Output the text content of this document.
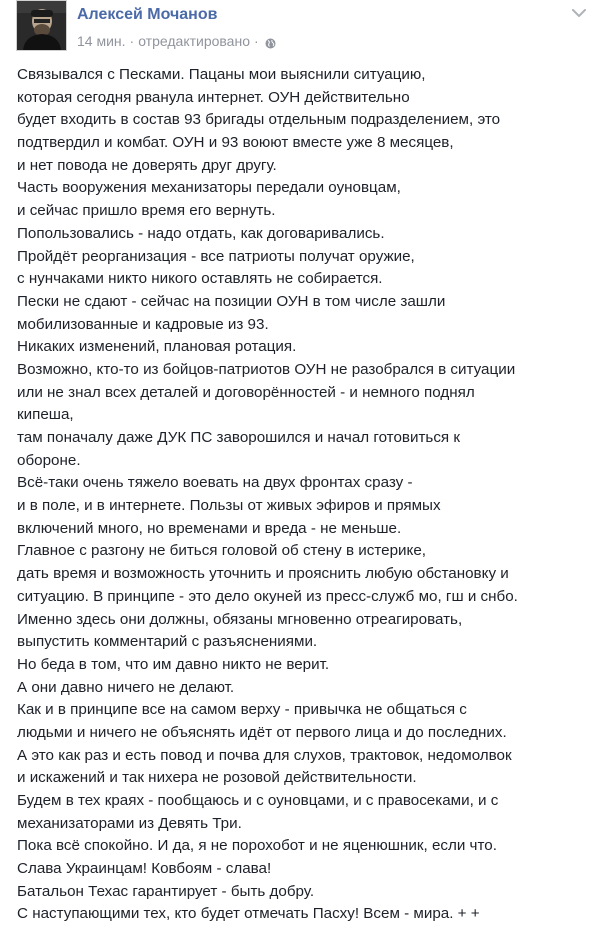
Алексей Мочанов
14 мин. · отредактировано ·
Связывался с Песками. Пацаны мои выяснили ситуацию,
которая сегодня рванула интернет. ОУН действительно
будет входить в состав 93 бригады отдельным подразделением, это
подтвердил и комбат. ОУН и 93 воюют вместе уже 8 месяцев,
и нет повода не доверять друг другу.
Часть вооружения механизаторы передали оуновцам,
и сейчас пришло время его вернуть.
Попользовались - надо отдать, как договаривались.
Пройдёт реорганизация - все патриоты получат оружие,
с нунчаками никто никого оставлять не собирается.
Пески не сдают - сейчас на позиции ОУН в том числе зашли
мобилизованные и кадровые из 93.
Никаких изменений, плановая ротация.
Возможно, кто-то из бойцов-патриотов ОУН не разобрался в ситуации
или не знал всех деталей и договорённостей - и немного поднял
кипеша,
там поначалу даже ДУК ПС заворошился и начал готовиться к
обороне.
Всё-таки очень тяжело воевать на двух фронтах сразу -
и в поле, и в интернете. Пользы от живых эфиров и прямых
включений много, но временами и вреда - не меньше.
Главное с разгону не биться головой об стену в истерике,
дать время и возможность уточнить и прояснить любую обстановку и
ситуацию. В принципе - это дело окуней из пресс-служб мо, гш и снбо.
Именно здесь они должны, обязаны мгновенно отреагировать,
выпустить комментарий с разъяснениями.
Но беда в том, что им давно никто не верит.
А они давно ничего не делают.
Как и в принципе все на самом верху - привычка не общаться с
людьми и ничего не объяснять идёт от первого лица и до последних.
А это как раз и есть повод и почва для слухов, трактовок, недомолвок
и искажений и так нихера не розовой действительности.
Будем в тех краях - пообщаюсь и с оуновцами, и с правосеками, и с
механизаторами из Девять Три.
Пока всё спокойно. И да, я не порохобот и не яценюшник, если что.
Слава Украинцам! Ковбоям - слава!
Батальон Техас гарантирует - быть добру.
С наступающими тех, кто будет отмечать Пасху! Всем - мира. + +
